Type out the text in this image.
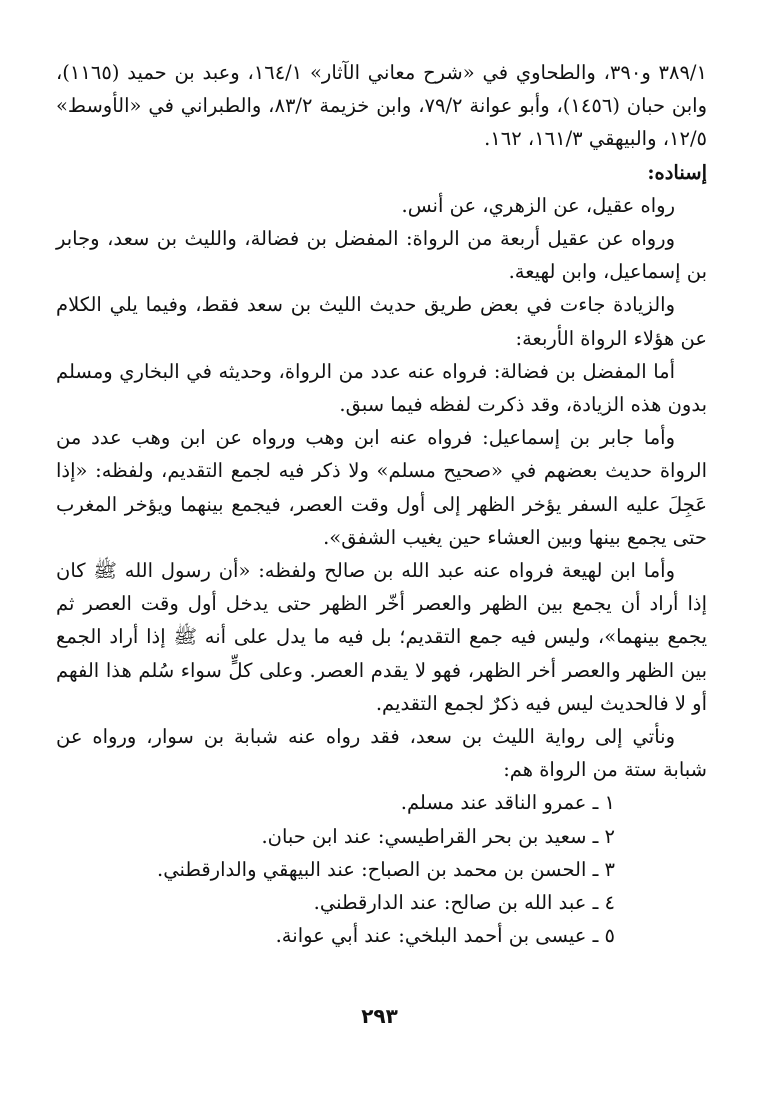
٣٨٩/١ و٣٩٠، والطحاوي في «شرح معاني الآثار» ١٦٤/١، وعبد بن حميد (١١٦٥)، وابن حبان (١٤٥٦)، وأبو عوانة ٧٩/٢، وابن خزيمة ٨٣/٢، والطبراني في «الأوسط» ١٢/٥، والبيهقي ١٦١/٣، ١٦٢.

إسناده:

رواه عقيل، عن الزهري، عن أنس.

ورواه عن عقيل أربعة من الرواة: المفضل بن فضالة، والليث بن سعد، وجابر بن إسماعيل، وابن لهيعة.

والزيادة جاءت في بعض طريق حديث الليث بن سعد فقط، وفيما يلي الكلام عن هؤلاء الرواة الأربعة:

أما المفضل بن فضالة: فرواه عنه عدد من الرواة، وحديثه في البخاري ومسلم بدون هذه الزيادة، وقد ذكرت لفظه فيما سبق.

وأما جابر بن إسماعيل: فرواه عنه ابن وهب ورواه عن ابن وهب عدد من الرواة حديث بعضهم في «صحيح مسلم» ولا ذكر فيه لجمع التقديم، ولفظه: «إذا عَجِلَ عليه السفر يؤخر الظهر إلى أول وقت العصر، فيجمع بينهما ويؤخر المغرب حتى يجمع بينها وبين العشاء حين يغيب الشفق».

وأما ابن لهيعة فرواه عنه عبد الله بن صالح ولفظه: «أن رسول الله ﷺ كان إذا أراد أن يجمع بين الظهر والعصر أخّر الظهر حتى يدخل أول وقت العصر ثم يجمع بينهما»، وليس فيه جمع التقديم؛ بل فيه ما يدل على أنه ﷺ إذا أراد الجمع بين الظهر والعصر أخر الظهر، فهو لا يقدم العصر. وعلى كلٍّ سواء سُلم هذا الفهم أو لا فالحديث ليس فيه ذكرٌ لجمع التقديم.

ونأتي إلى رواية الليث بن سعد، فقد رواه عنه شبابة بن سوار، ورواه عن شبابة ستة من الرواة هم:

١ ـ عمرو الناقد عند مسلم.

٢ ـ سعيد بن بحر القراطيسي: عند ابن حبان.

٣ ـ الحسن بن محمد بن الصباح: عند البيهقي والدارقطني.

٤ ـ عبد الله بن صالح: عند الدارقطني.

٥ ـ عيسى بن أحمد البلخي: عند أبي عوانة.

٢٩٣
